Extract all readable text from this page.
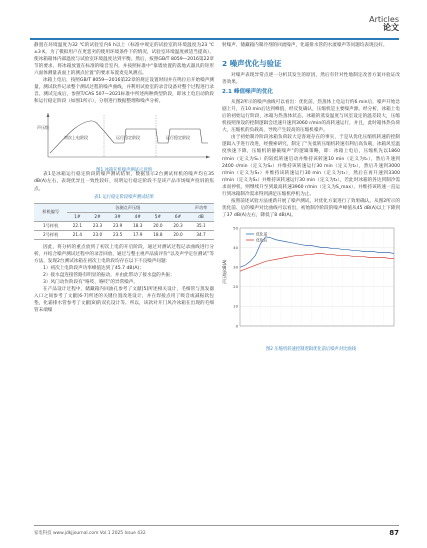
Articles
论文

静置在环境温度为32 ℃的试验室内6 h以上（标准中规定的试验室的环境温度为23 ℃±3 K，为了模拟用户在更恶劣的使用环境条件下的情况，试验室环境温度被适当提高），使冰箱箱体内部温度与试验室环境温度达到平衡。然后，按照GB/T 8059—2016第22章节的要求，将冰箱放置在标准的噪音室内，并按照标准中“靠墙放置的落地式器具的矩形六面体测量表面上的测点位置”的要求布置麦克风测点。

冰箱上电后，按照GB/T 8059—2016第22章的规定设置时间并在鸣位后开始噪声测量，测试软件记录整个测试过程的噪声曲线，并利用试验室的录音设备对整个过程进行录音。测试完成后，参照T/CAS 507—2021标准中所述两种典型阶段，即冰上电启动阶段和运行稳定阶段（如图1所示），分别进行数据整理和噪声分析。

声压级
初次上电阶段	运行稳定阶段	运行稳定阶段
图1 冰箱开机噪声测试示意图

表1是冰箱运行稳定阶段的噪声测试结果，数据显示2台测试样机的噪声均在35 dB(A)左右，表现优异且一致性较好，说明运行稳定阶段不是该产品市场噪声投诉的焦点。

表1 运行稳定阶段噪声测试结果
样机编号	各测点声压级						声功率
	1#	2#	3#	4#	5#	6#	dB
1号样机	22.1	23.3	23.9	18.3	20.0	20.3	35.1
2号样机	21.4	23.0	23.5	17.9	18.8	20.0	34.7

因此，将分析的重点放到了初次上电的开启阶段，通过对测试过程记录曲线进行分析，并结合噪声测试过程中的录音回放，通过与整主视声品质评价“以及声学定位测试”等方法，发现2台测试冰箱在初次上电阶段均存在以下不良噪声问题：

1）初次上电阶段声功率峰值达到了45.7 dB(A)；

2）接水盘连接管路有明显的振动，并由此带动了接水盘的共振；

3）风门动作阶段有“咯吱、咯吱”的异常噪声。

在产品设计过程中，储藏箱内回油孔参考了文献[5]所述相关设计，毛细管与蒸发器入口之间参考了文献[6-7]所述的关键位置改进设计，并在焊接点用了吸音或减振软包垫，化霜排水管参考了文献[8]的双孔设计等。所以，该款对开门风冷冰箱在出现的毛细管末端噪

射噪声、储藏箱内制冷剂的回流噪声，化霜排水管的水流噪声等问题均表现良好。

2 噪声优化与验证

对噪声表现异常点逐一分析其发生的原因，然后有针对性地制定改善方案并验证改善效果。

2.1 峰值噪声的优化

从图2所示的噪声曲线可以看出：优化前，热蒸体上电运行约6 min后，噪声开始急剧上升，在10 min后达到峰值，经反复确认，压缩机是主要噪声源。经分析，冰箱上电后的初始运行阶段，冰箱为热蒸体状态，冰箱的蒸发温度与风室设定的温差较大，压缩机按照预设的控制逻辑会迅速升速到3060 r/min的高转速运行，并且，此时箱体热负荷大，压缩机的负载高，导致产生较高的压缩机噪声。

由于初始制冷阶段冰箱负荷较大是客观存在的事实，于是从优化压缩机转速的控制逻辑入手进行改进，经搜索研究，制定了“先低转压缩机转速有利后高负载，冰箱风室温度快速下降，压缩机的静截噪声”的逻辑策略，即：冰箱上电后，压缩机先以1860 r/min（定义为S₁）的较低转速启动并维持该转速10 min（定义为t₁），然后升速到2400 r/min（定义为S₂）并维持该转速运行30 min（定义为t₂），然后升速到3000 r/min（定义为S₃）并维持该转速运行30 min（定义为t₃），然后在再升速到3300 r/min（定义为S₄）并维持该转速运行30 min（定义为t₄），若此时冰箱的各达到制冷需求而停机，则继续升至到最高转速3960 r/min（定义为S_max），并维持该转速一直运行到冰箱制冷需求得到满足压缩机停机为止。

按照前述试验方法重新开展了噪声测试，对优化方案进行了效果确认。从图2所示的优化前、后的噪声对比曲线可以看出，初始制冷阶段的噪声峰值从45 dB(A)以上下降到了37 dB(A)左右，降低了8 dB(A)。

0
10
20
30
40
50
优化前
优化后
声压级/dB(A)
图2 压缩机转速控制逻辑优化前后噪声对比曲线
家电科技 www.jdkjjournal.com Vol.1 2025 Issue 432	87
